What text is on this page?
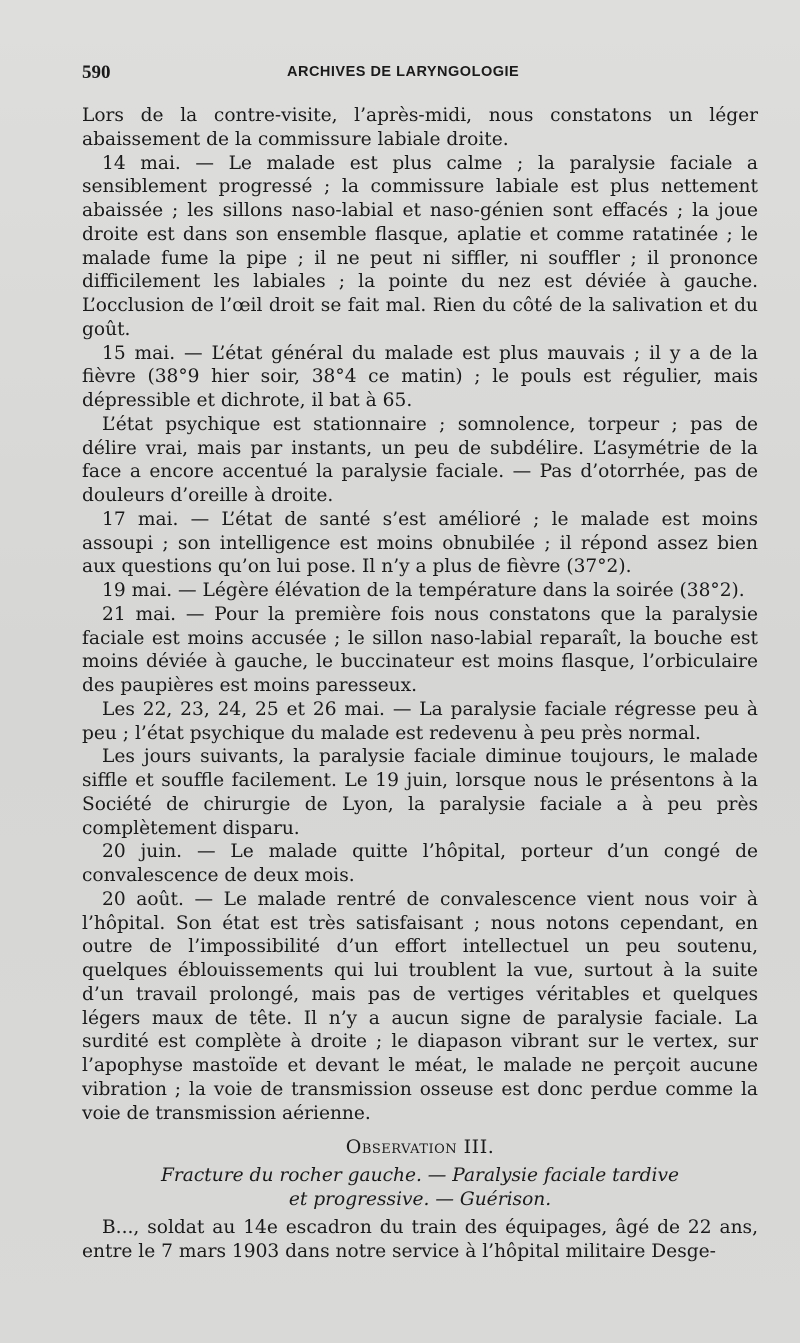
590	ARCHIVES DE LARYNGOLOGIE

Lors de la contre-visite, l’après-midi, nous constatons un léger abaissement de la commissure labiale droite.

14 mai. — Le malade est plus calme ; la paralysie faciale a sensiblement progressé ; la commissure labiale est plus nettement abaissée ; les sillons naso-labial et naso-génien sont effacés ; la joue droite est dans son ensemble flasque, aplatie et comme ratatinée ; le malade fume la pipe ; il ne peut ni siffler, ni souffler ; il prononce difficilement les labiales ; la pointe du nez est déviée à gauche. L’occlusion de l’œil droit se fait mal. Rien du côté de la salivation et du goût.

15 mai. — L’état général du malade est plus mauvais ; il y a de la fièvre (38°9 hier soir, 38°4 ce matin) ; le pouls est régulier, mais dépressible et dichrote, il bat à 65.

L’état psychique est stationnaire ; somnolence, torpeur ; pas de délire vrai, mais par instants, un peu de subdélire. L’asymétrie de la face a encore accentué la paralysie faciale. — Pas d’otorrhée, pas de douleurs d’oreille à droite.

17 mai. — L’état de santé s’est amélioré ; le malade est moins assoupi ; son intelligence est moins obnubilée ; il répond assez bien aux questions qu’on lui pose. Il n’y a plus de fièvre (37°2).

19 mai. — Légère élévation de la température dans la soirée (38°2).

21 mai. — Pour la première fois nous constatons que la paralysie faciale est moins accusée ; le sillon naso-labial reparaît, la bouche est moins déviée à gauche, le buccinateur est moins flasque, l’orbiculaire des paupières est moins paresseux.

Les 22, 23, 24, 25 et 26 mai. — La paralysie faciale régresse peu à peu ; l’état psychique du malade est redevenu à peu près normal.

Les jours suivants, la paralysie faciale diminue toujours, le malade siffle et souffle facilement. Le 19 juin, lorsque nous le présentons à la Société de chirurgie de Lyon, la paralysie faciale a à peu près complètement disparu.

20 juin. — Le malade quitte l’hôpital, porteur d’un congé de convalescence de deux mois.

20 août. — Le malade rentré de convalescence vient nous voir à l’hôpital. Son état est très satisfaisant ; nous notons cependant, en outre de l’impossibilité d’un effort intellectuel un peu soutenu, quelques éblouissements qui lui troublent la vue, surtout à la suite d’un travail prolongé, mais pas de vertiges véritables et quelques légers maux de tête. Il n’y a aucun signe de paralysie faciale. La surdité est complète à droite ; le diapason vibrant sur le vertex, sur l’apophyse mastoïde et devant le méat, le malade ne perçoit aucune vibration ; la voie de transmission osseuse est donc perdue comme la voie de transmission aérienne.

Observation III.
Fracture du rocher gauche. — Paralysie faciale tardive
et progressive. — Guérison.

B..., soldat au 14e escadron du train des équipages, âgé de 22 ans, entre le 7 mars 1903 dans notre service à l’hôpital militaire Desge-
